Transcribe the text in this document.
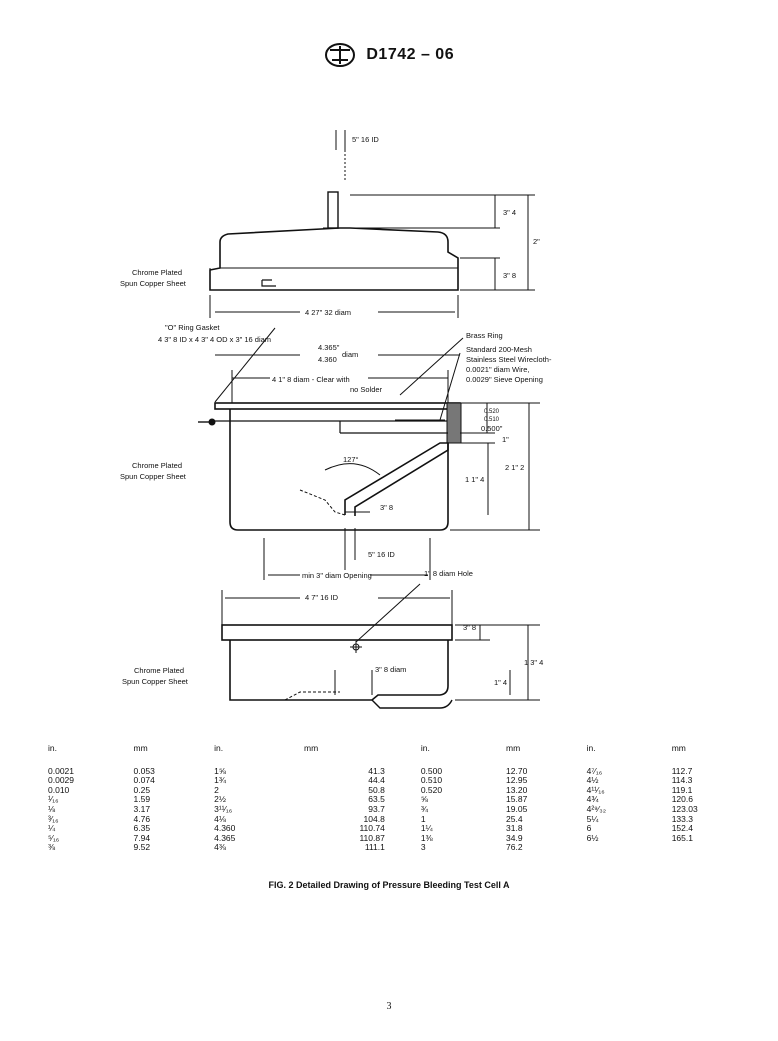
D1742 – 06
5" 16 ID
3" 4
2"
3" 8
Chrome Plated
Spun Copper Sheet
4 27" 32 diam
"O" Ring Gasket
4 3" 8 ID x 4 3" 4 OD x 3" 16 diam
4.365"
4.360
diam
4 1" 8 diam - Clear with
no Solder
Brass Ring
Standard 200-Mesh
Stainless Steel Wirecloth-
0.0021" diam Wire,
0.0029" Sieve Opening
0.520
0.510
0.500"
1"
2 1" 2
1 1" 4
127°
3" 8
5" 16 ID
min 3" diam Opening
Chrome Plated
Spun Copper Sheet
1" 8 diam Hole
4 7" 16 ID
3" 8
1 3" 4
1" 4
3" 8 diam
Chrome Plated
Spun Copper Sheet
in.	mm	in.	mm	in.	mm	in.	mm
0.0021	0.053	1⅝	41.3	0.500	12.70	4⁷⁄₁₆	112.7
0.0029	0.074	1¾	44.4	0.510	12.95	4½	114.3
0.010	0.25	2	50.8	0.520	13.20	4¹¹⁄₁₆	119.1
¹⁄₁₆	1.59	2½	63.5	⅝	15.87	4¾	120.6
⅛	3.17	3¹¹⁄₁₆	93.7	¾	19.05	4²⁹⁄₃₂	123.03
³⁄₁₆	4.76	4⅛	104.8	1	25.4	5¼	133.3
¼	6.35	4.360	110.74	1¼	31.8	6	152.4
⁵⁄₁₆	7.94	4.365	110.87	1⅜	34.9	6½	165.1
⅜	9.52	4⅜	111.1	3	76.2		
FIG. 2 Detailed Drawing of Pressure Bleeding Test Cell A
3
